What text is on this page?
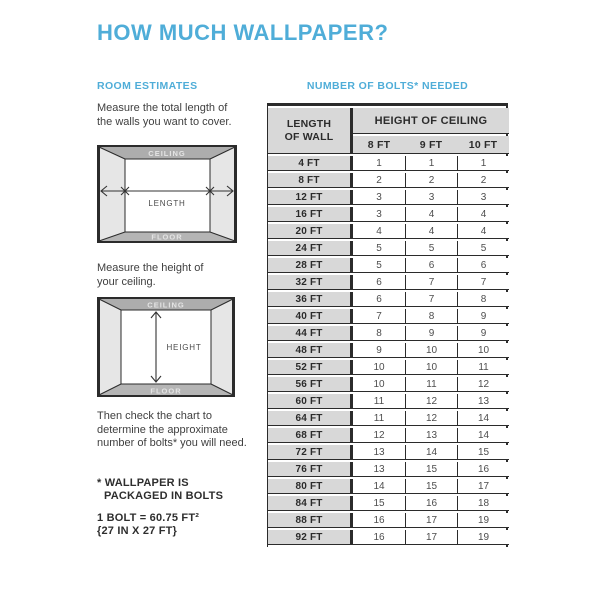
HOW MUCH WALLPAPER?
ROOM ESTIMATES

Measure the total length of
the walls you want to cover.

CEILING
FLOOR
LENGTH

Measure the height of
your ceiling.

CEILING
FLOOR
HEIGHT

Then check the chart to
determine the approximate
number of bolts* you will need.

* WALLPAPER IS
PACKAGED IN BOLTS

1 BOLT = 60.75 FT²
{27 IN X 27 FT}

NUMBER OF BOLTS* NEEDED
LENGTH
OF WALL	HEIGHT OF CEILING		
	8 FT	9 FT	10 FT
4 FT	1	1	1
8 FT	2	2	2
12 FT	3	3	3
16 FT	3	4	4
20 FT	4	4	4
24 FT	5	5	5
28 FT	5	6	6
32 FT	6	7	7
36 FT	6	7	8
40 FT	7	8	9
44 FT	8	9	9
48 FT	9	10	10
52 FT	10	10	11
56 FT	10	11	12
60 FT	11	12	13
64 FT	11	12	14
68 FT	12	13	14
72 FT	13	14	15
76 FT	13	15	16
80 FT	14	15	17
84 FT	15	16	18
88 FT	16	17	19
92 FT	16	17	19
